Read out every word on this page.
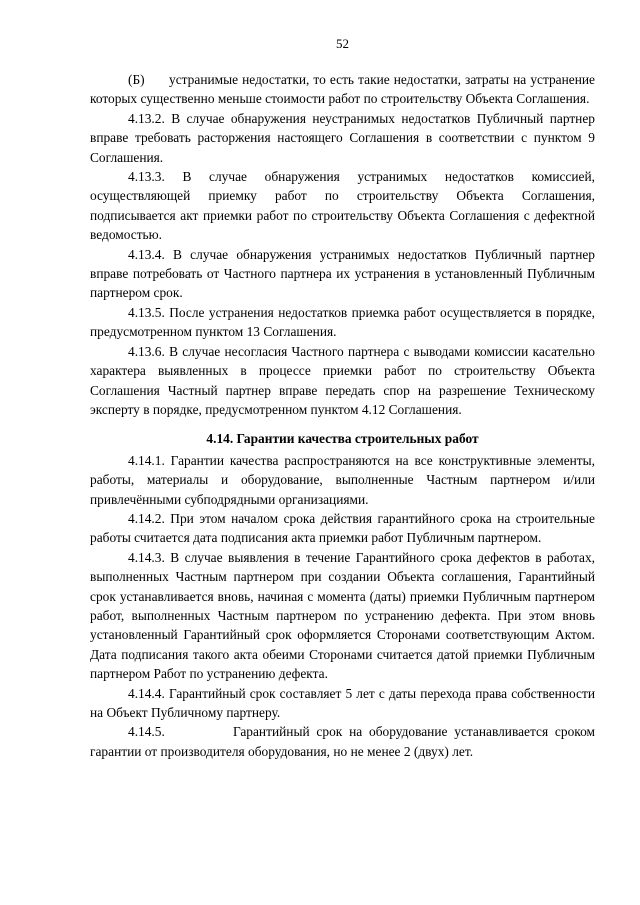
52

(Б)      устранимые недостатки, то есть такие недостатки, затраты на устранение которых существенно меньше стоимости работ по строительству Объекта Соглашения.

4.13.2. В случае обнаружения неустранимых недостатков Публичный партнер вправе требовать расторжения настоящего Соглашения в соответствии с пунктом 9 Соглашения.

4.13.3. В случае обнаружения устранимых недостатков комиссией, осуществляющей приемку работ по строительству Объекта Соглашения, подписывается акт приемки работ по строительству Объекта Соглашения с дефектной ведомостью.

4.13.4. В случае обнаружения устранимых недостатков Публичный партнер вправе потребовать от Частного партнера их устранения в установленный Публичным партнером срок.

4.13.5. После устранения недостатков приемка работ осуществляется в порядке, предусмотренном пунктом 13 Соглашения.

4.13.6. В случае несогласия Частного партнера с выводами комиссии касательно характера выявленных в процессе приемки работ по строительству Объекта Соглашения Частный партнер вправе передать спор на разрешение Техническому эксперту в порядке, предусмотренном пунктом 4.12 Соглашения.

4.14. Гарантии качества строительных работ

4.14.1. Гарантии качества распространяются на все конструктивные элементы, работы, материалы и оборудование, выполненные Частным партнером и/или привлечёнными субподрядными организациями.

4.14.2. При этом началом срока действия гарантийного срока на строительные работы считается дата подписания акта приемки работ Публичным партнером.

4.14.3. В случае выявления в течение Гарантийного срока дефектов в работах, выполненных Частным партнером при создании Объекта соглашения, Гарантийный срок устанавливается вновь, начиная с момента (даты) приемки Публичным партнером работ, выполненных Частным партнером по устранению дефекта. При этом вновь установленный Гарантийный срок оформляется Сторонами соответствующим Актом. Дата подписания такого акта обеими Сторонами считается датой приемки Публичным партнером Работ по устранению дефекта.

4.14.4. Гарантийный срок составляет 5 лет с даты перехода права собственности на Объект Публичному партнеру.

4.14.5.          Гарантийный срок на оборудование устанавливается сроком гарантии от производителя оборудования, но не менее 2 (двух) лет.
